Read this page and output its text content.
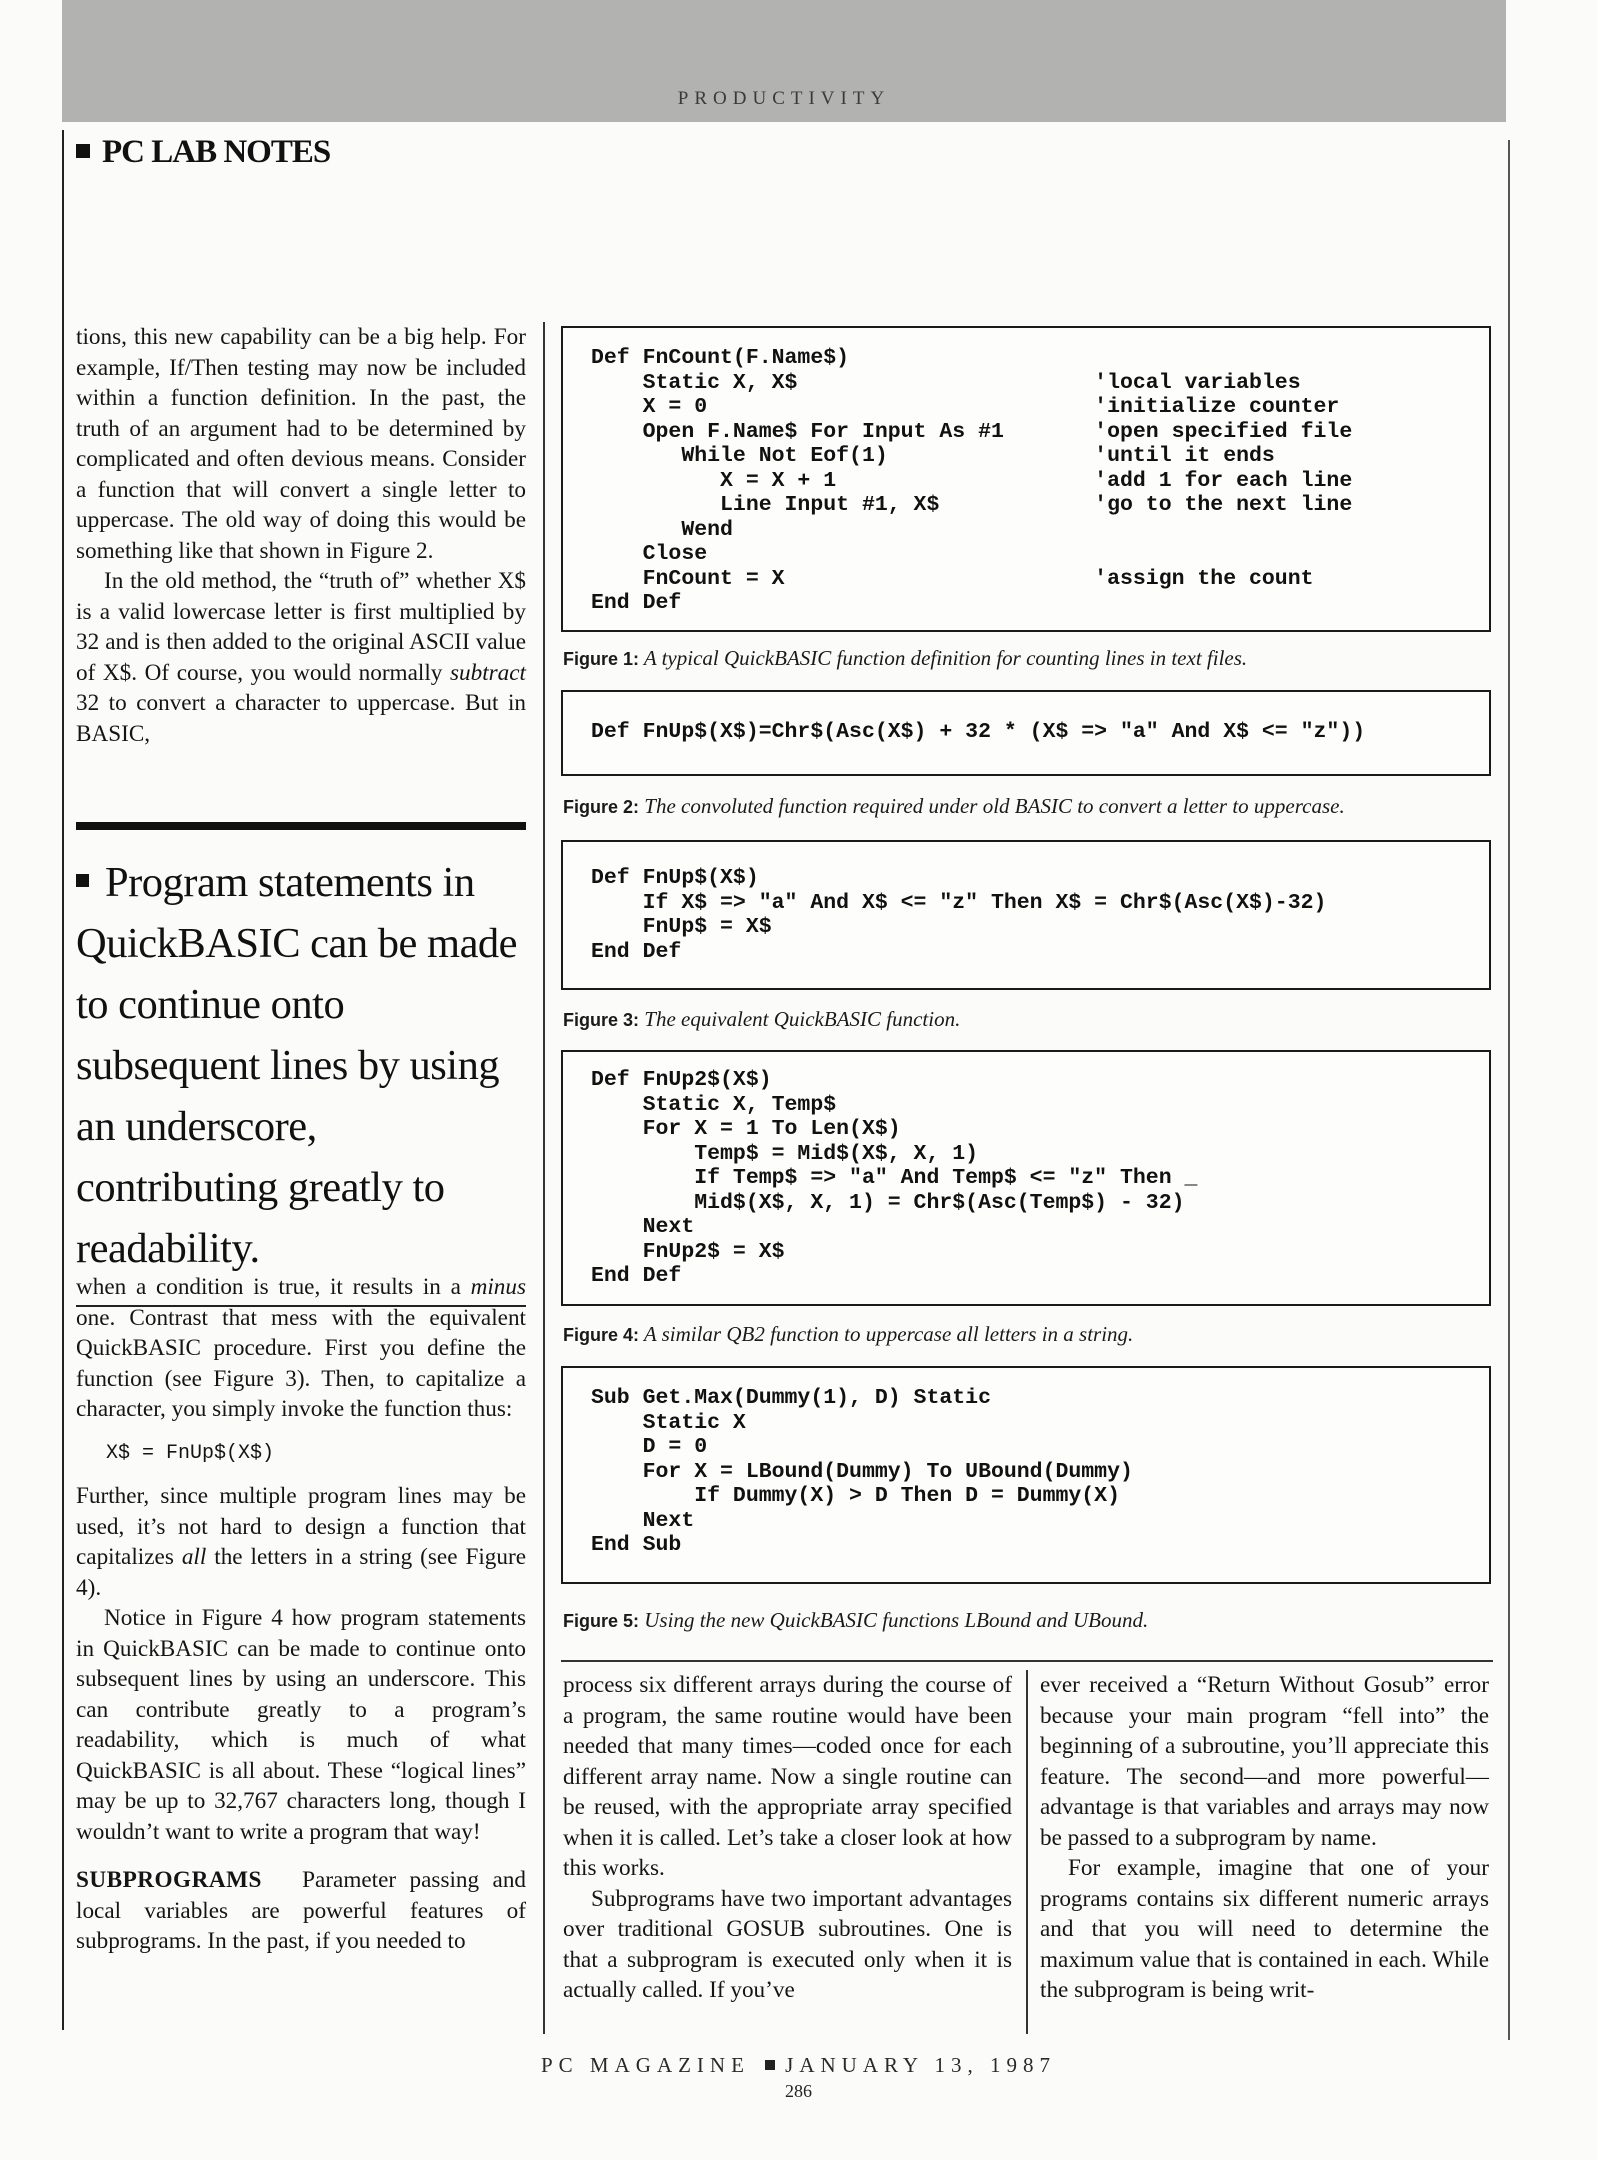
PRODUCTIVITY
PC LAB NOTES

tions, this new capability can be a big help. For example, If/Then testing may now be included within a function definition. In the past, the truth of an argument had to be determined by complicated and often devious means. Consider a function that will convert a single letter to uppercase. The old way of doing this would be something like that shown in Figure 2.

In the old method, the “truth of” whether X$ is a valid lowercase letter is first multiplied by 32 and is then added to the original ASCII value of X$. Of course, you would normally subtract 32 to convert a character to uppercase. But in BASIC,

Program statements in QuickBASIC can be made to continue onto subsequent lines by using an underscore, contributing greatly to readability.

when a condition is true, it results in a minus one. Contrast that mess with the equivalent QuickBASIC procedure. First you define the function (see Figure 3). Then, to capitalize a character, you simply invoke the function thus:

X$ = FnUp$(X$)

Further, since multiple program lines may be used, it’s not hard to design a function that capitalizes all the letters in a string (see Figure 4).

Notice in Figure 4 how program statements in QuickBASIC can be made to continue onto subsequent lines by using an underscore. This can contribute greatly to a program’s readability, which is much of what QuickBASIC is all about. These “logical lines” may be up to 32,767 characters long, though I wouldn’t want to write a program that way!

SUBPROGRAMS Parameter passing and local variables are powerful features of subprograms. In the past, if you needed to

Def FnCount(F.Name$)
Static X, X$                       'local variables
X = 0                              'initialize counter
Open F.Name$ For Input As #1       'open specified file
While Not Eof(1)                'until it ends
X = X + 1                    'add 1 for each line
Line Input #1, X$            'go to the next line
Wend
Close
FnCount = X                        'assign the count
End Def
Figure 1: A typical QuickBASIC function definition for counting lines in text files.
Def FnUp$(X$)=Chr$(Asc(X$) + 32 * (X$ => "a" And X$ <= "z"))
Figure 2: The convoluted function required under old BASIC to convert a letter to uppercase.
Def FnUp$(X$)
If X$ => "a" And X$ <= "z" Then X$ = Chr$(Asc(X$)-32)
FnUp$ = X$
End Def
Figure 3: The equivalent QuickBASIC function.
Def FnUp2$(X$)
Static X, Temp$
For X = 1 To Len(X$)
Temp$ = Mid$(X$, X, 1)
If Temp$ => "a" And Temp$ <= "z" Then _
Mid$(X$, X, 1) = Chr$(Asc(Temp$) - 32)
Next
FnUp2$ = X$
End Def
Figure 4: A similar QB2 function to uppercase all letters in a string.
Sub Get.Max(Dummy(1), D) Static
Static X
D = 0
For X = LBound(Dummy) To UBound(Dummy)
If Dummy(X) > D Then D = Dummy(X)
Next
End Sub
Figure 5: Using the new QuickBASIC functions LBound and UBound.

process six different arrays during the course of a program, the same routine would have been needed that many times—coded once for each different array name. Now a single routine can be reused, with the appropriate array specified when it is called. Let’s take a closer look at how this works.

Subprograms have two important advantages over traditional GOSUB subroutines. One is that a subprogram is executed only when it is actually called. If you’ve

ever received a “Return Without Gosub” error because your main program “fell into” the beginning of a subroutine, you’ll appreciate this feature. The second—and more powerful—advantage is that variables and arrays may now be passed to a subprogram by name.

For example, imagine that one of your programs contains six different numeric arrays and that you will need to determine the maximum value that is contained in each. While the subprogram is being writ-

PC MAGAZINE JANUARY 13, 1987
286
